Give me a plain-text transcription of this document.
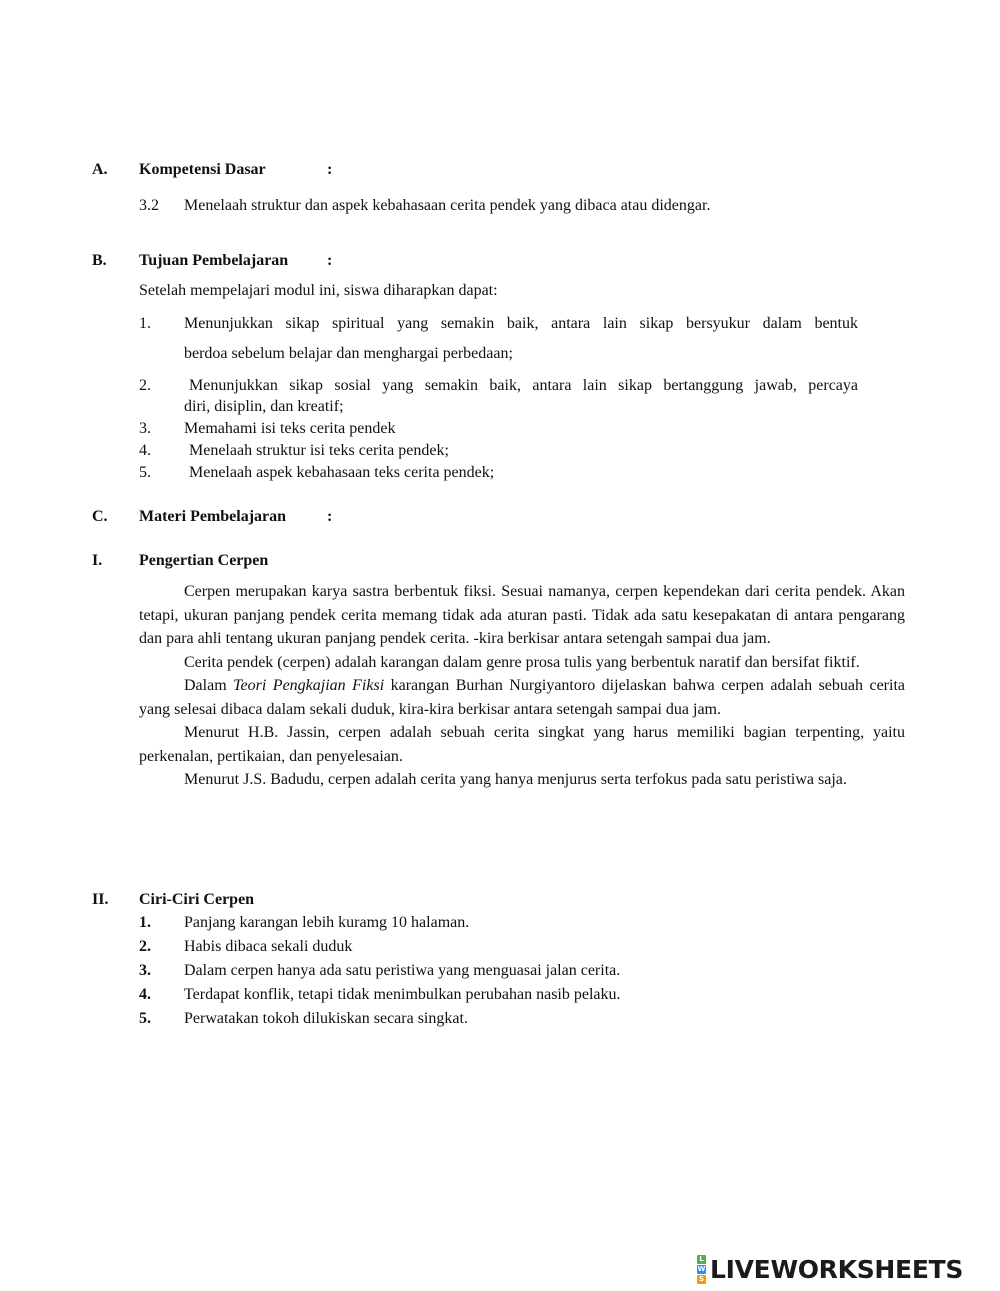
A. Kompetensi Dasar	:
3.2 Menelaah struktur dan aspek kebahasaan cerita pendek yang dibaca atau didengar.
B. Tujuan Pembelajaran :
Setelah mempelajari modul ini, siswa diharapkan dapat:
1. Menunjukkan sikap spiritual yang semakin baik, antara lain sikap bersyukur dalam bentuk
berdoa sebelum belajar dan menghargai perbedaan;
2. Menunjukkan sikap sosial yang semakin baik, antara lain sikap bertanggung jawab, percaya
diri, disiplin, dan kreatif;
3. Memahami isi teks cerita pendek
4. Menelaah struktur isi teks cerita pendek;
5. Menelaah aspek kebahasaan teks cerita pendek;
C. Materi Pembelajaran	:
I. Pengertian Cerpen

Cerpen merupakan karya sastra berbentuk fiksi. Sesuai namanya, cerpen kependekan dari cerita pendek. Akan tetapi, ukuran panjang pendek cerita memang tidak ada aturan pasti. Tidak ada satu kesepakatan di antara pengarang dan para ahli tentang ukuran panjang pendek cerita. -kira berkisar antara setengah sampai dua jam.

Cerita pendek (cerpen) adalah karangan dalam genre prosa tulis yang berbentuk naratif dan bersifat fiktif.

Dalam Teori Pengkajian Fiksi karangan Burhan Nurgiyantoro dijelaskan bahwa cerpen adalah sebuah cerita yang selesai dibaca dalam sekali duduk, kira-kira berkisar antara setengah sampai dua jam.

Menurut H.B. Jassin, cerpen adalah sebuah cerita singkat yang harus memiliki bagian terpenting, yaitu perkenalan, pertikaian, dan penyelesaian.

Menurut J.S. Badudu, cerpen adalah cerita yang hanya menjurus serta terfokus pada satu peristiwa saja.

II. Ciri-Ciri Cerpen
1. Panjang karangan lebih kuramg 10 halaman.
2. Habis dibaca sekali duduk
3. Dalam cerpen hanya ada satu peristiwa yang menguasai jalan cerita.
4. Terdapat konflik, tetapi tidak menimbulkan perubahan nasib pelaku.
5. Perwatakan tokoh dilukiskan secara singkat.
L
W
S LIVEWORKSHEETS
